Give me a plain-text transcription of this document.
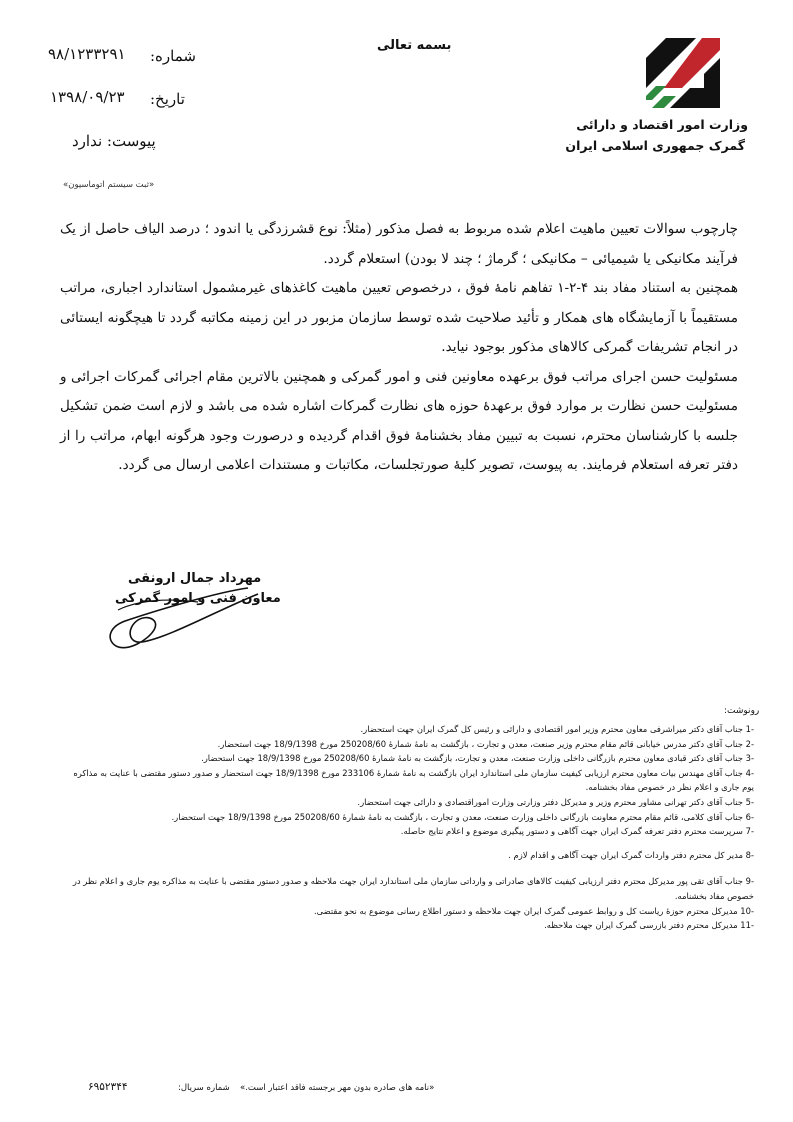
وزارت امور اقتصاد و دارائی
گمرک جمهوری اسلامی ایران
بسمه تعالی
شماره:
۹۸/۱۲۳۳۲۹۱
تاریخ:
۱۳۹۸/۰۹/۲۳
پیوست: ندارد
«ثبت سیستم اتوماسیون»

چارچوب سوالات تعیین ماهیت اعلام شده مربوط به فصل مذکور (مثلاً: نوع قشرزدگی یا اندود ؛ درصد الیاف حاصل از یک فرآیند مکانیکی یا شیمیائی – مکانیکی ؛ گرماژ ؛ چند لا بودن) استعلام گردد.

همچنین به استناد مفاد بند ۴-۲-۱ تفاهم نامهٔ فوق ، درخصوص تعیین ماهیت کاغذهای غیرمشمول استاندارد اجباری، مراتب مستقیماً با آزمایشگاه های همکار و تأئید صلاحیت شده توسط سازمان مزبور در این زمینه مکاتبه گردد تا هیچگونه ایستائی در انجام تشریفات گمرکی کالاهای مذکور بوجود نیاید.

مسئولیت حسن اجرای مراتب فوق برعهده معاونین فنی و امور گمرکی و همچنین بالاترین مقام اجرائی گمرکات اجرائی و مسئولیت حسن نظارت بر موارد فوق برعهدهٔ حوزه های نظارت گمرکات اشاره شده می باشد و لازم است ضمن تشکیل جلسه با کارشناسان محترم، نسبت به تبیین مفاد بخشنامهٔ فوق اقدام گردیده و درصورت وجود هرگونه ابهام، مراتب را از دفتر تعرفه استعلام فرمایند. به پیوست، تصویر کلیهٔ صورتجلسات، مکاتبات و مستندات اعلامی ارسال می گردد.

مهرداد جمال ارونقی
معاون فنی و امور گمرکی
رونوشت:
-1 جناب آقای دکتر میراشرفی معاون محترم وزیر امور اقتصادی و دارائی و رئیس کل گمرک ایران جهت استحضار.
-2 جناب آقای دکتر مدرس خیابانی قائم مقام محترم وزیر صنعت، معدن و تجارت ، بازگشت به نامهٔ شمارهٔ 250208/60 مورخ 18/9/1398 جهت استحضار.
-3 جناب آقای دکتر قبادی معاون محترم بازرگانی داخلی وزارت صنعت، معدن و تجارت، بازگشت به نامهٔ شمارهٔ 250208/60 مورخ 18/9/1398 جهت استحضار.
-4 جناب آقای مهندس بیات معاون محترم ارزیابی کیفیت سازمان ملی استاندارد ایران بازگشت به نامهٔ شمارهٔ 233106 مورخ 18/9/1398 جهت استحضار و صدور دستور مقتضی با عنایت به مذاکره یوم جاری و اعلام نظر در خصوص مفاد بخشنامه.
-5 جناب آقای دکتر تهرانی مشاور محترم وزیر و مدیرکل دفتر وزارتی وزارت اموراقتصادی و دارائی جهت استحضار.
-6 جناب آقای کلامی، قائم مقام محترم معاونت بازرگانی داخلی وزارت صنعت، معدن و تجارت ، بازگشت به نامهٔ شمارهٔ 250208/60 مورخ 18/9/1398 جهت استحضار.
-7 سرپرست محترم دفتر تعرفه گمرک ایران جهت آگاهی و دستور پیگیری موضوع و اعلام نتایج حاصله.
-8 مدیر کل محترم دفتر واردات گمرک ایران جهت آگاهی و اقدام لازم .
-9 جناب آقای تقی پور مدیرکل محترم دفتر ارزیابی کیفیت کالاهای صادراتی و وارداتی سازمان ملی استاندارد ایران جهت ملاحظه و صدور دستور مقتضی با عنایت به مذاکره یوم جاری و اعلام نظر در خصوص مفاد بخشنامه.
-10 مدیرکل محترم حوزهٔ ریاست کل و روابط عمومی گمرک ایران جهت ملاحظه و دستور اطلاع رسانی موضوع به نحو مقتضی.
-11 مدیرکل محترم دفتر بازرسی گمرک ایران جهت ملاحظه.
«نامه های صادره بدون مهر برجسته فاقد اعتبار است.»
شماره سریال:
۶۹۵۲۳۴۴
